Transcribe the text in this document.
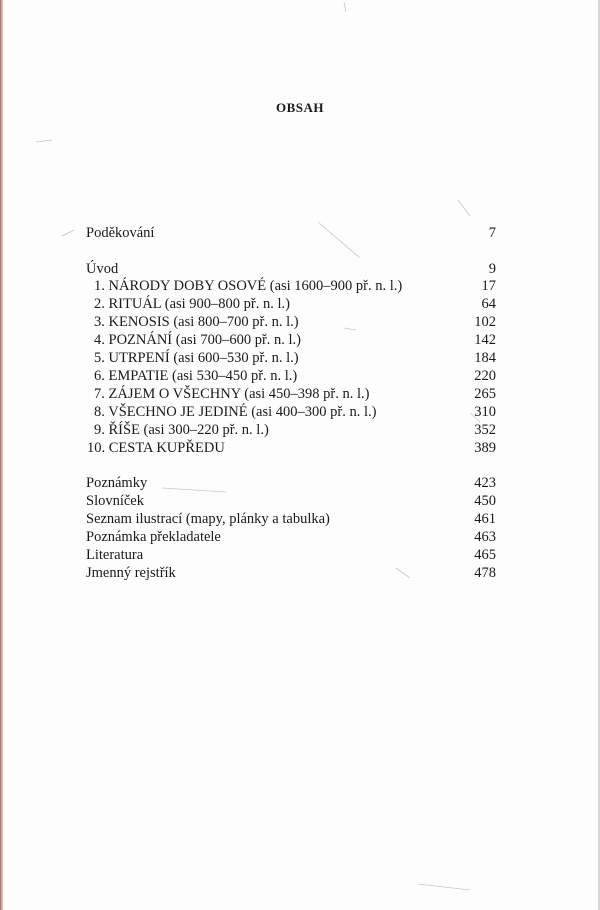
OBSAH
Poděkování	7
Úvod	9
1. NÁRODY DOBY OSOVÉ (asi 1600–900 př. n. l.)	17
2. RITUÁL (asi 900–800 př. n. l.)	64
3. KENOSIS (asi 800–700 př. n. l.)	102
4. POZNÁNÍ (asi 700–600 př. n. l.)	142
5. UTRPENÍ (asi 600–530 př. n. l.)	184
6. EMPATIE (asi 530–450 př. n. l.)	220
7. ZÁJEM O VŠECHNY (asi 450–398 př. n. l.)	265
8. VŠECHNO JE JEDINÉ (asi 400–300 př. n. l.)	310
9. ŘÍŠE (asi 300–220 př. n. l.)	352
10. CESTA KUPŘEDU	389
Poznámky	423
Slovníček	450
Seznam ilustrací (mapy, plánky a tabulka)	461
Poznámka překladatele	463
Literatura	465
Jmenný rejstřík	478
